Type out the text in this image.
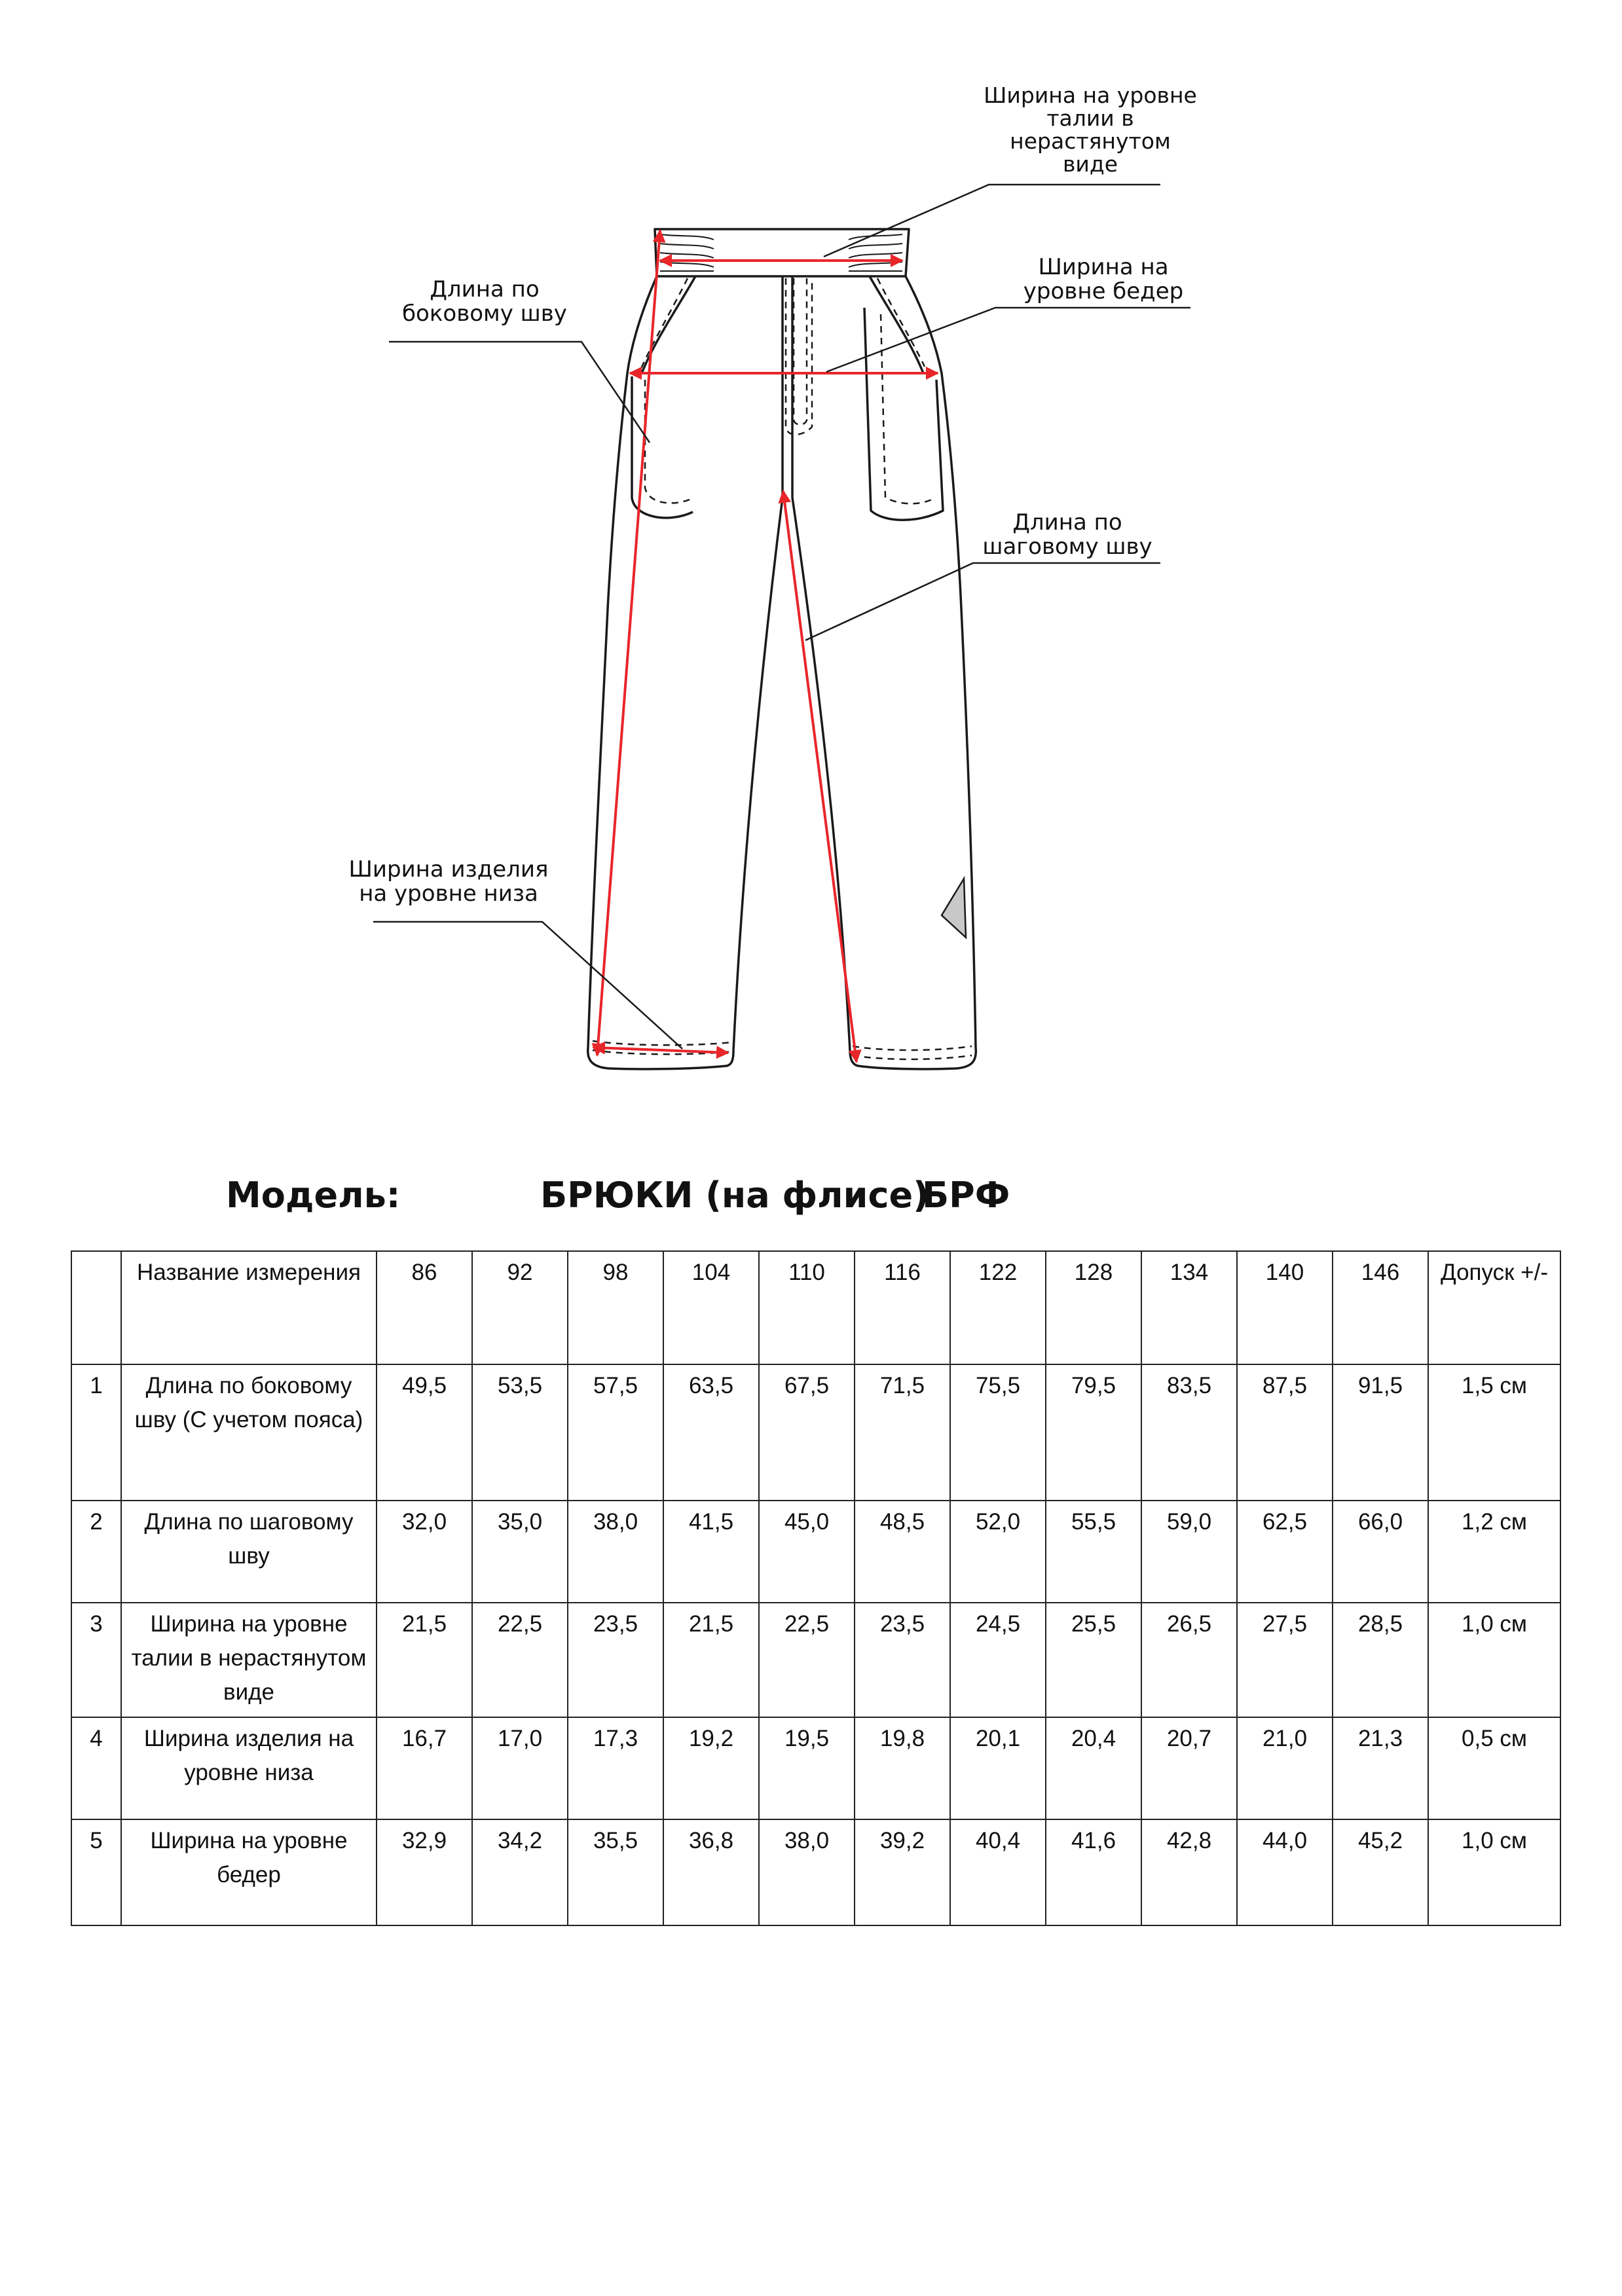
Ширина на уровне талии в нерастянутом виде
Ширина на уровне бедер
Длина по боковому шву
Длина по шаговому шву
Ширина изделия на уровне низа
Модель:	БРЮКИ (на флисе)
БРФ
	Название измерения	86	92	98	104	110	116	122	128	134	140	146	Допуск +/-
1	Длина по боковому шву (С учетом пояса)	49,5	53,5	57,5	63,5	67,5	71,5	75,5	79,5	83,5	87,5	91,5	1,5 см
2	Длина по шаговому шву	32,0	35,0	38,0	41,5	45,0	48,5	52,0	55,5	59,0	62,5	66,0	1,2 см
3	Ширина на уровне талии в нерастянутом виде	21,5	22,5	23,5	21,5	22,5	23,5	24,5	25,5	26,5	27,5	28,5	1,0 см
4	Ширина изделия на уровне низа	16,7	17,0	17,3	19,2	19,5	19,8	20,1	20,4	20,7	21,0	21,3	0,5 см
5	Ширина на уровне бедер	32,9	34,2	35,5	36,8	38,0	39,2	40,4	41,6	42,8	44,0	45,2	1,0 см
